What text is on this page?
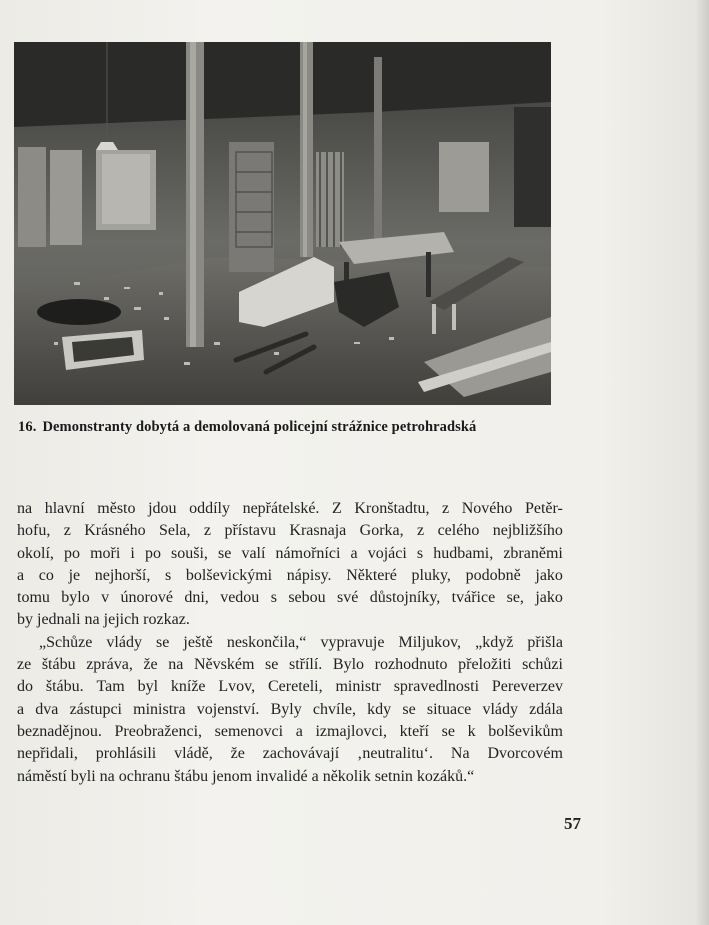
16. Demonstranty dobytá a demolovaná policejní strážnice petrohradská
na hlavní město jdou oddíly nepřátelské. Z Kronštadtu, z Nového Petěr-
hofu, z Krásného Sela, z přístavu Krasnaja Gorka, z celého nejbližšího
okolí, po moři i po souši, se valí námořníci a vojáci s hudbami, zbraněmi
a co je nejhorší, s bolševickými nápisy. Některé pluky, podobně jako
tomu bylo v únorové dni, vedou s sebou své důstojníky, tvářice se, jako
by jednali na jejich rozkaz.
„Schůze vlády se ještě neskončila,“ vypravuje Miljukov, „když přišla
ze štábu zpráva, že na Něvském se střílí. Bylo rozhodnuto přeložiti schůzi
do štábu. Tam byl kníže Lvov, Cereteli, ministr spravedlnosti Pereverzev
a dva zástupci ministra vojenství. Byly chvíle, kdy se situace vlády zdála
beznadějnou. Preobraženci, semenovci a izmajlovci, kteří se k bolševikům
nepřidali, prohlásili vládě, že zachovávají ‚neutralitu‘. Na Dvorcovém
náměstí byli na ochranu štábu jenom invalidé a několik setnin kozáků.“
57
